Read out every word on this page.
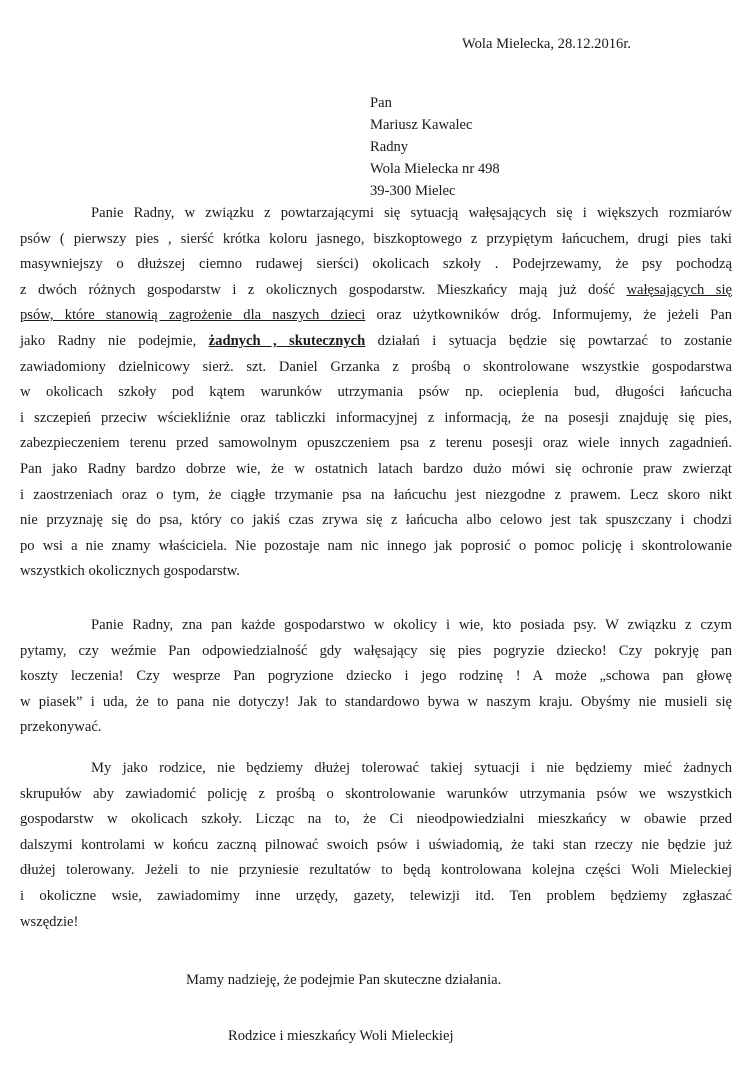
Wola Mielecka, 28.12.2016r.
Pan
Mariusz Kawalec
Radny
Wola Mielecka nr 498
39-300 Mielec
Panie Radny, w związku z powtarzającymi się sytuacją wałęsających się i większych rozmiarów
psów ( pierwszy pies , sierść krótka koloru jasnego, biszkoptowego z przypiętym łańcuchem, drugi pies taki
masywniejszy o dłuższej ciemno rudawej sierści) okolicach szkoły . Podejrzewamy, że psy pochodzą
z dwóch różnych gospodarstw i z okolicznych gospodarstw. Mieszkańcy mają już dość wałęsających się
psów, które stanowią zagrożenie dla naszych dzieci oraz użytkowników dróg. Informujemy, że jeżeli Pan
jako Radny nie podejmie, żadnych , skutecznych działań i sytuacja będzie się powtarzać to zostanie
zawiadomiony dzielnicowy sierż. szt. Daniel Grzanka z prośbą o skontrolowane wszystkie gospodarstwa
w okolicach szkoły pod kątem warunków utrzymania psów np. ocieplenia bud, długości łańcucha
i szczepień przeciw wściekliźnie oraz tabliczki informacyjnej z informacją, że na posesji znajduję się pies,
zabezpieczeniem terenu przed samowolnym opuszczeniem psa z terenu posesji oraz wiele innych zagadnień.
Pan jako Radny bardzo dobrze wie, że w ostatnich latach bardzo dużo mówi się ochronie praw zwierząt
i zaostrzeniach oraz o tym, że ciągłe trzymanie psa na łańcuchu jest niezgodne z prawem. Lecz skoro nikt
nie przyznaję się do psa, który co jakiś czas zrywa się z łańcucha albo celowo jest tak spuszczany i chodzi
po wsi a nie znamy właściciela. Nie pozostaje nam nic innego jak poprosić o pomoc policję i skontrolowanie
wszystkich okolicznych gospodarstw.
Panie Radny, zna pan każde gospodarstwo w okolicy i wie, kto posiada psy. W związku z czym
pytamy, czy weźmie Pan odpowiedzialność gdy wałęsający się pies pogryzie dziecko! Czy pokryję pan
koszty leczenia! Czy wesprze Pan pogryzione dziecko i jego rodzinę ! A może „schowa pan głowę
w piasek” i uda, że to pana nie dotyczy! Jak to standardowo bywa w naszym kraju. Obyśmy nie musieli się
przekonywać.
My jako rodzice, nie będziemy dłużej tolerować takiej sytuacji i nie będziemy mieć żadnych
skrupułów aby zawiadomić policję z prośbą o skontrolowanie warunków utrzymania psów we wszystkich
gospodarstw w okolicach szkoły. Licząc na to, że Ci nieodpowiedzialni mieszkańcy w obawie przed
dalszymi kontrolami w końcu zaczną pilnować swoich psów i uświadomią, że taki stan rzeczy nie będzie już
dłużej tolerowany. Jeżeli to nie przyniesie rezultatów to będą kontrolowana kolejna części Woli Mieleckiej
i okoliczne wsie, zawiadomimy inne urzędy, gazety, telewizji itd. Ten problem będziemy zgłaszać
wszędzie!
Mamy nadzieję, że podejmie Pan skuteczne działania.
Rodzice i mieszkańcy Woli Mieleckiej
